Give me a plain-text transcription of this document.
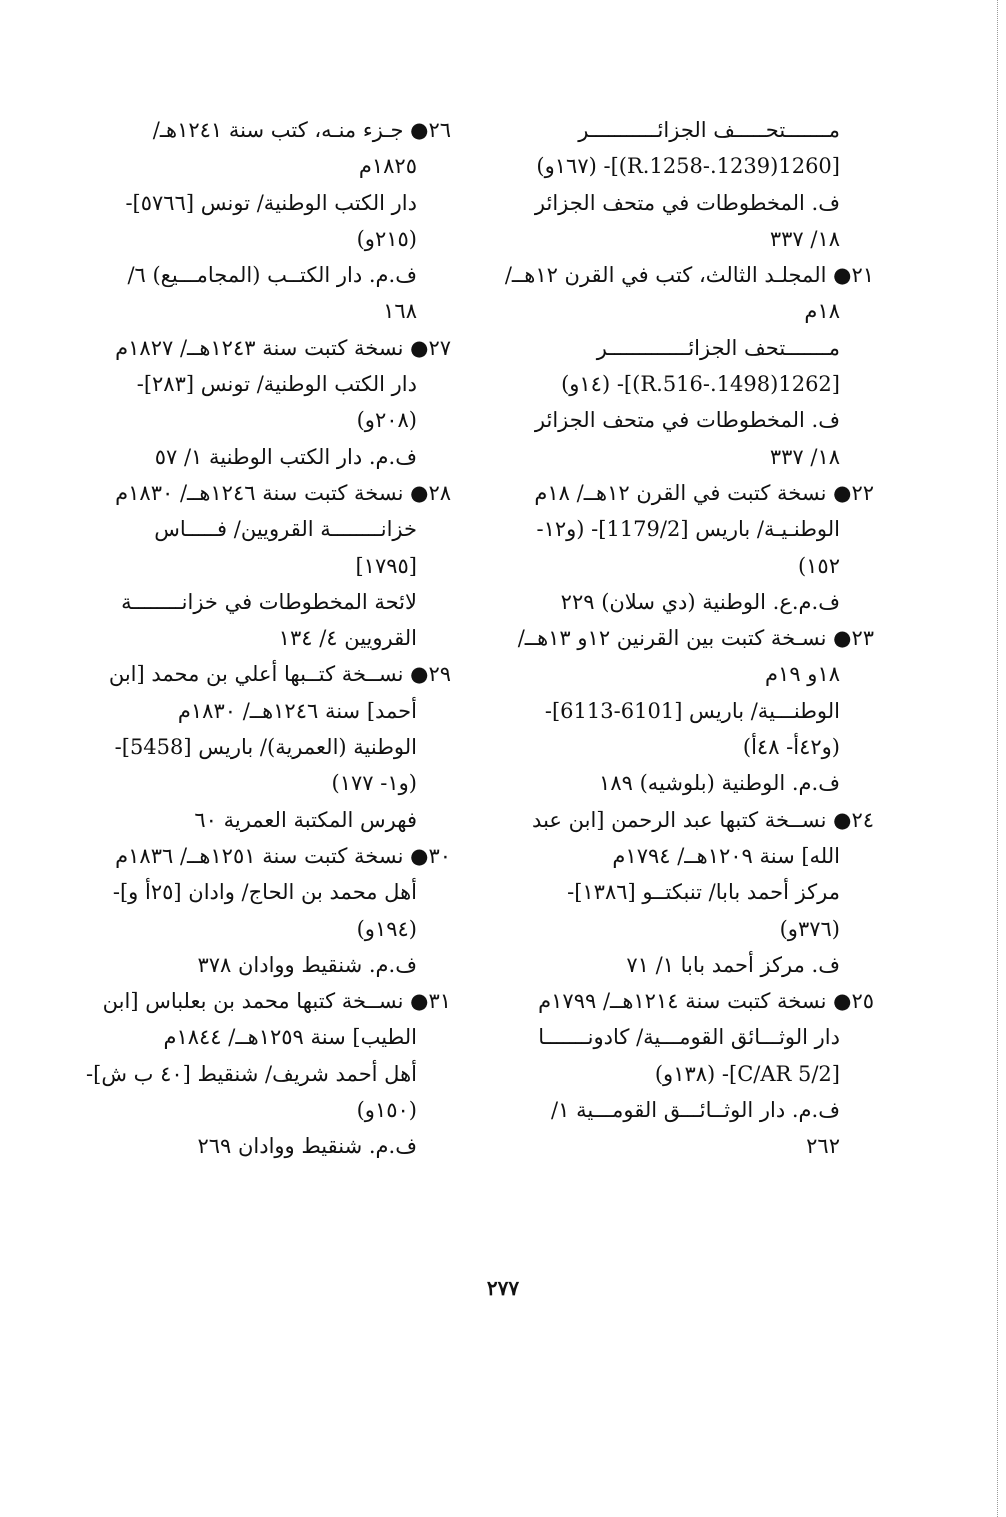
مـــــــتحـــــف الجزائـــــــــــر
[1260(1239.-R.1258)]- (١٦٧و)
ف. المخطوطات في متحف الجزائر
١٨/ ٣٣٧
٢١● المجلـد الثالث، كتب في القرن ١٢هــ/
١٨م
مـــــــتحف الجزائـــــــــــــر
[1262(1498.-R.516)]- (١٤و)
ف. المخطوطات في متحف الجزائر
١٨/ ٣٣٧
٢٢● نسخة كتبت في القرن ١٢هــ/ ١٨م
الوطنـيـة/ باريس [1179/2]- (و١٢-
١٥٢)
ف.م.ع. الوطنية (دي سلان) ٢٢٩
٢٣● نسـخة كتبت بين القرنين ١٢و ١٣هــ/
١٨و ١٩م
الوطنـــية/ باريس [6101-6113]-
(و٤٢أ- ٤٨أ)
ف.م. الوطنية (بلوشيه) ١٨٩
٢٤● نســخة كتبها عبد الرحمن [ابن عبد
الله] سنة ١٢٠٩هــ/ ١٧٩٤م
مركز أحمد بابا/ تنبكتــو [١٣٨٦]-
(٣٧٦و)
ف. مركز أحمد بابا ١/ ٧١
٢٥● نسخة كتبت سنة ١٢١٤هــ/ ١٧٩٩م
دار الوثـــائق القومـــية/ كادونـــــــا
[C/AR 5/2]- (١٣٨و)
ف.م. دار الوثــائـــق القومـــية ١/
٢٦٢
٢٦● جـزء منـه، كتب سنة ١٢٤١هـ/
١٨٢٥م
دار الكتب الوطنية/ تونس [٥٧٦٦]-
(٢١٥و)
ف.م. دار الكتــب (المجامـــيع) ٦/
١٦٨
٢٧● نسخة كتبت سنة ١٢٤٣هــ/ ١٨٢٧م
دار الكتب الوطنية/ تونس [٢٨٣]-
(٢٠٨و)
ف.م. دار الكتب الوطنية ١/ ٥٧
٢٨● نسخة كتبت سنة ١٢٤٦هــ/ ١٨٣٠م
خزانــــــــة القرويين/ فـــــاس
[١٧٩٥]
لائحة المخطوطات في خزانــــــــة
القرويين ٤/ ١٣٤
٢٩● نســخة كتــبها أعلي بن محمد [ابن
أحمد] سنة ١٢٤٦هــ/ ١٨٣٠م
الوطنية (العمرية)/ باريس [5458]-
(و١- ١٧٧)
فهرس المكتبة العمرية ٦٠
٣٠● نسخة كتبت سنة ١٢٥١هــ/ ١٨٣٦م
أهل محمد بن الحاج/ وادان [٢٥أ و]-
(١٩٤و)
ف.م. شنقيط ووادان ٣٧٨
٣١● نســخة كتبها محمد بن بعلباس [ابن
الطيب] سنة ١٢٥٩هــ/ ١٨٤٤م
أهل أحمد شريف/ شنقيط [٤٠ ب ش]-
(١٥٠و)
ف.م. شنقيط ووادان ٢٦٩
٢٧٧
